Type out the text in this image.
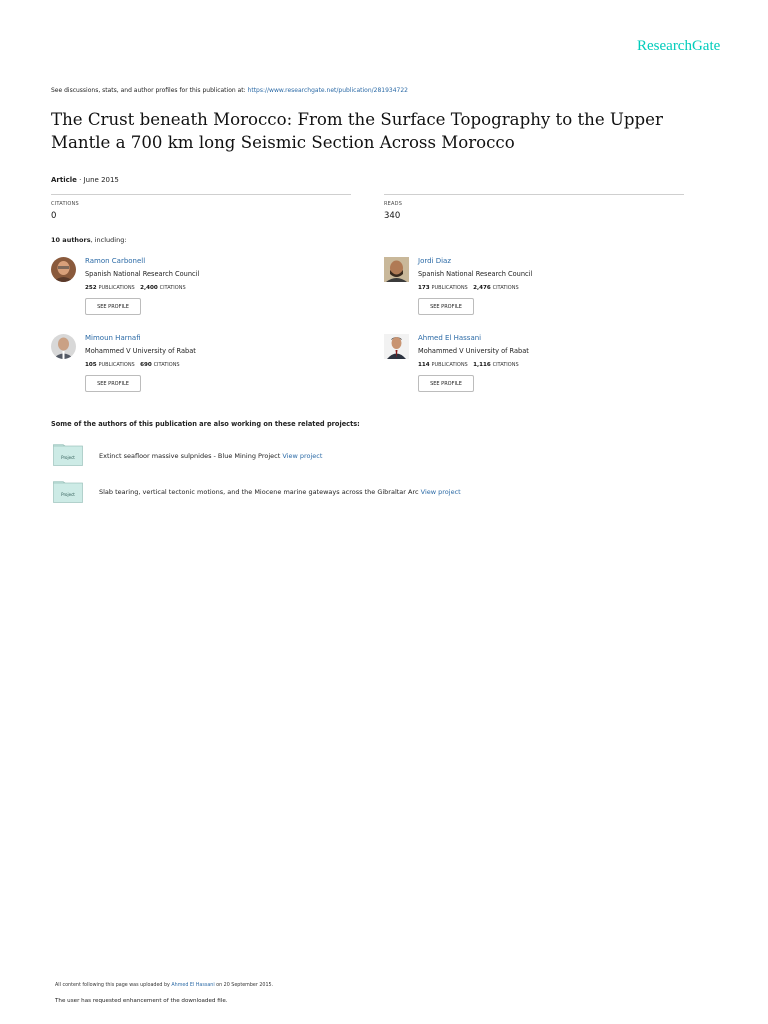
ResearchGate
See discussions, stats, and author profiles for this publication at: https://www.researchgate.net/publication/281934722
The Crust beneath Morocco: From the Surface Topography to the Upper Mantle a 700 km long Seismic Section Across Morocco
Article · June 2015
CITATIONS
0
READS
340
10 authors, including:
Ramon Carbonell
Spanish National Research Council
252 PUBLICATIONS 2,400 CITATIONS
SEE PROFILE
Jordi Diaz
Spanish National Research Council
173 PUBLICATIONS 2,476 CITATIONS
SEE PROFILE
Mimoun Harnafi
Mohammed V University of Rabat
105 PUBLICATIONS 690 CITATIONS
SEE PROFILE
Ahmed El Hassani
Mohammed V University of Rabat
114 PUBLICATIONS 1,116 CITATIONS
SEE PROFILE
Some of the authors of this publication are also working on these related projects:
Project	Extinct seafloor massive sulpnides - Blue Mining Project View project
Project	Slab tearing, vertical tectonic motions, and the Miocene marine gateways across the Gibraltar Arc View project
All content following this page was uploaded by Ahmed El Hassani on 20 September 2015.
The user has requested enhancement of the downloaded file.
